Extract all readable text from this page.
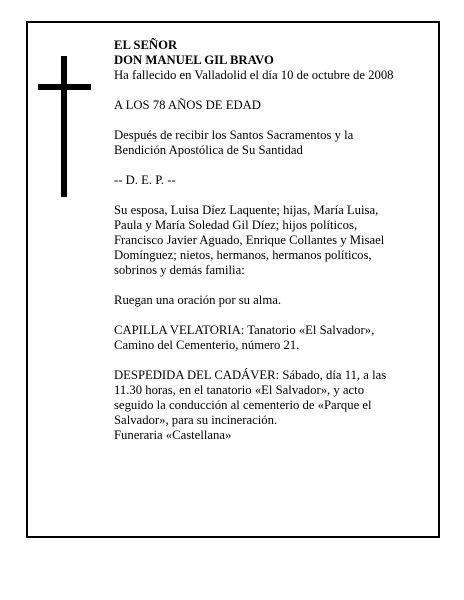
EL SEÑOR

DON MANUEL GIL BRAVO

Ha fallecido en Valladolid el día 10 de octubre de 2008

A LOS 78 AÑOS DE EDAD

Después de recibir los Santos Sacramentos y la

Bendición Apostólica de Su Santidad

-- D. E. P. --

Su esposa, Luisa Díez Laquente; hijas, María Luisa,

Paula y María Soledad Gil Díez; hijos políticos,

Francisco Javier Aguado, Enrique Collantes y Misael

Domínguez; nietos, hermanos, hermanos políticos,

sobrinos y demás familia:

Ruegan una oración por su alma.

CAPILLA VELATORIA: Tanatorio «El Salvador»,

Camino del Cementerio, número 21.

DESPEDIDA DEL CADÁVER: Sábado, día 11, a las

11.30 horas, en el tanatorio «El Salvador», y acto

seguido la conducción al cementerio de «Parque el

Salvador», para su incineración.

Funeraria «Castellana»
